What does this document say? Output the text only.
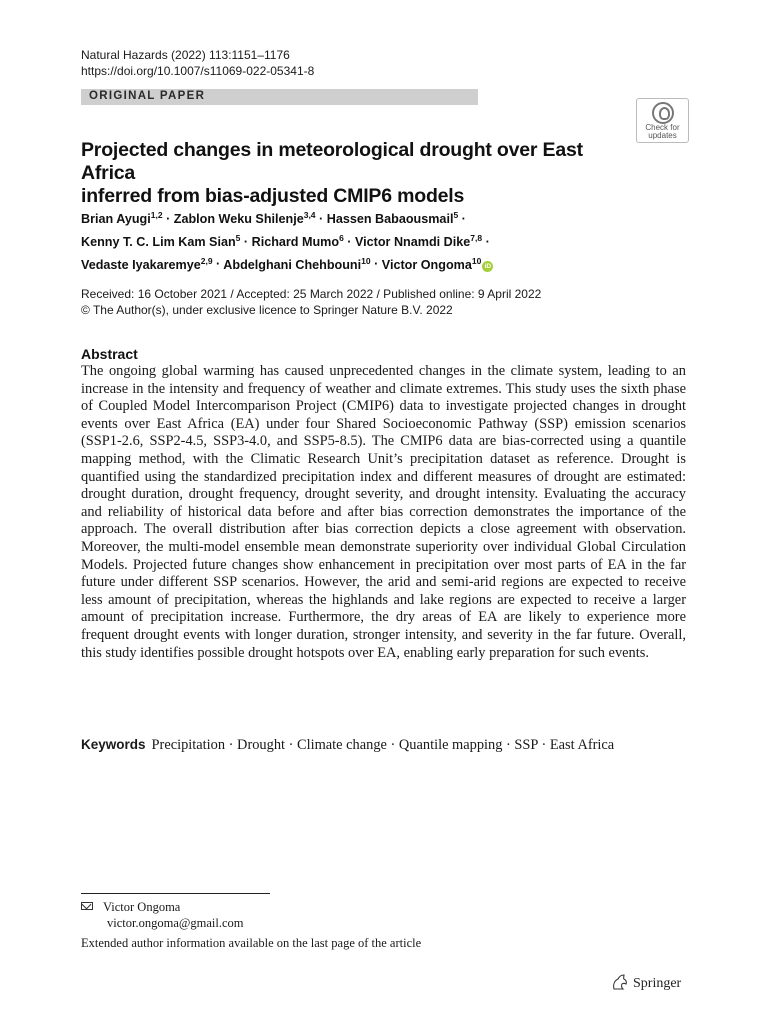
Natural Hazards (2022) 113:1151–1176
https://doi.org/10.1007/s11069-022-05341-8
ORIGINAL PAPER
Check for
updates
Projected changes in meteorological drought over East Africa
inferred from bias-adjusted CMIP6 models
Brian Ayugi$^{1,2}$ · Zablon Weku Shilenje$^{3,4}$ · Hassen Babaousmail$^5$ ·
Kenny T. C. Lim Kam Sian$^5$ · Richard Mumo$^6$ · Victor Nnamdi Dike$^{7,8}$ ·
Vedaste Iyakaremye$^{2,9}$ · Abdelghani Chehbouni$^{10}$ · Victor Ongoma$^{10}$iD
Received: 16 October 2021 / Accepted: 25 March 2022 / Published online: 9 April 2022
© The Author(s), under exclusive licence to Springer Nature B.V. 2022
Abstract

The ongoing global warming has caused unprecedented changes in the climate system, leading to an increase in the intensity and frequency of weather and climate extremes. This study uses the sixth phase of Coupled Model Intercomparison Project (CMIP6) data to investigate projected changes in drought events over East Africa (EA) under four Shared Socioeconomic Pathway (SSP) emission scenarios (SSP1-2.6, SSP2-4.5, SSP3-4.0, and SSP5-8.5). The CMIP6 data are bias-corrected using a quantile mapping method, with the Climatic Research Unit’s precipitation dataset as reference. Drought is quantified using the standardized precipitation index and different measures of drought are estimated: drought duration, drought frequency, drought severity, and drought intensity. Evaluating the accuracy and reliability of historical data before and after bias correction demonstrates the importance of the approach. The overall distribution after bias correction depicts a close agreement with observation. Moreover, the multi-model ensemble mean demonstrate superiority over individual Global Circulation Models. Projected future changes show enhancement in precipitation over most parts of EA in the far future under different SSP scenarios. However, the arid and semi-arid regions are expected to receive less amount of precipitation, whereas the highlands and lake regions are expected to receive a larger amount of precipitation increase. Furthermore, the dry areas of EA are likely to experience more frequent drought events with longer duration, stronger intensity, and severity in the far future. Overall, this study identifies possible drought hotspots over EA, enabling early preparation for such events.

Keywords Precipitation · Drought · Climate change · Quantile mapping · SSP · East Africa
Victor Ongoma
victor.ongoma@gmail.com
Extended author information available on the last page of the article
Springer
